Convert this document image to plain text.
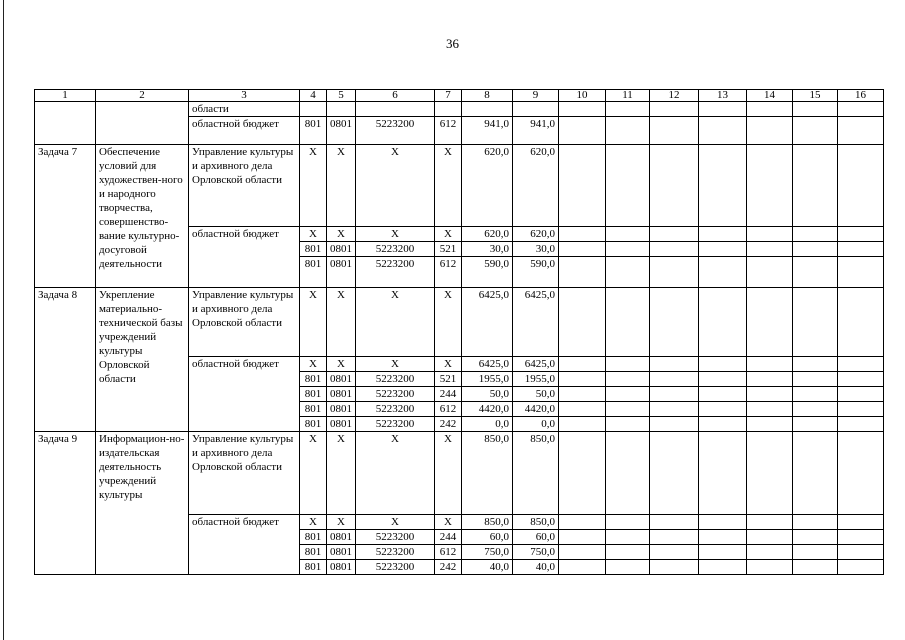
36
1	2	3	4	5	6	7	8	9	10	11	12	13	14	15	16
		области													
		областной бюджет	801	0801	5223200	612	941,0	941,0							
Задача 7	Обеспечение условий для художествен-ного и народного творчества, совершенство-вание культурно-досуговой деятельности	Управление культуры и архивного дела Орловской области	Х	Х	Х	Х	620,0	620,0							
		областной бюджет	Х	Х	Х	Х	620,0	620,0							
			801	0801	5223200	521	30,0	30,0							
			801	0801	5223200	612	590,0	590,0							
Задача 8	Укрепление материально-технической базы учреждений культуры Орловской области	Управление культуры и архивного дела Орловской области	Х	Х	Х	Х	6425,0	6425,0							
		областной бюджет	Х	Х	Х	Х	6425,0	6425,0							
			801	0801	5223200	521	1955,0	1955,0							
			801	0801	5223200	244	50,0	50,0							
			801	0801	5223200	612	4420,0	4420,0							
			801	0801	5223200	242	0,0	0,0							
Задача 9	Информацион-но-издательская деятельность учреждений культуры	Управление культуры и архивного дела Орловской области	Х	Х	Х	Х	850,0	850,0							
		областной бюджет	Х	Х	Х	Х	850,0	850,0							
			801	0801	5223200	244	60,0	60,0							
			801	0801	5223200	612	750,0	750,0							
			801	0801	5223200	242	40,0	40,0							
